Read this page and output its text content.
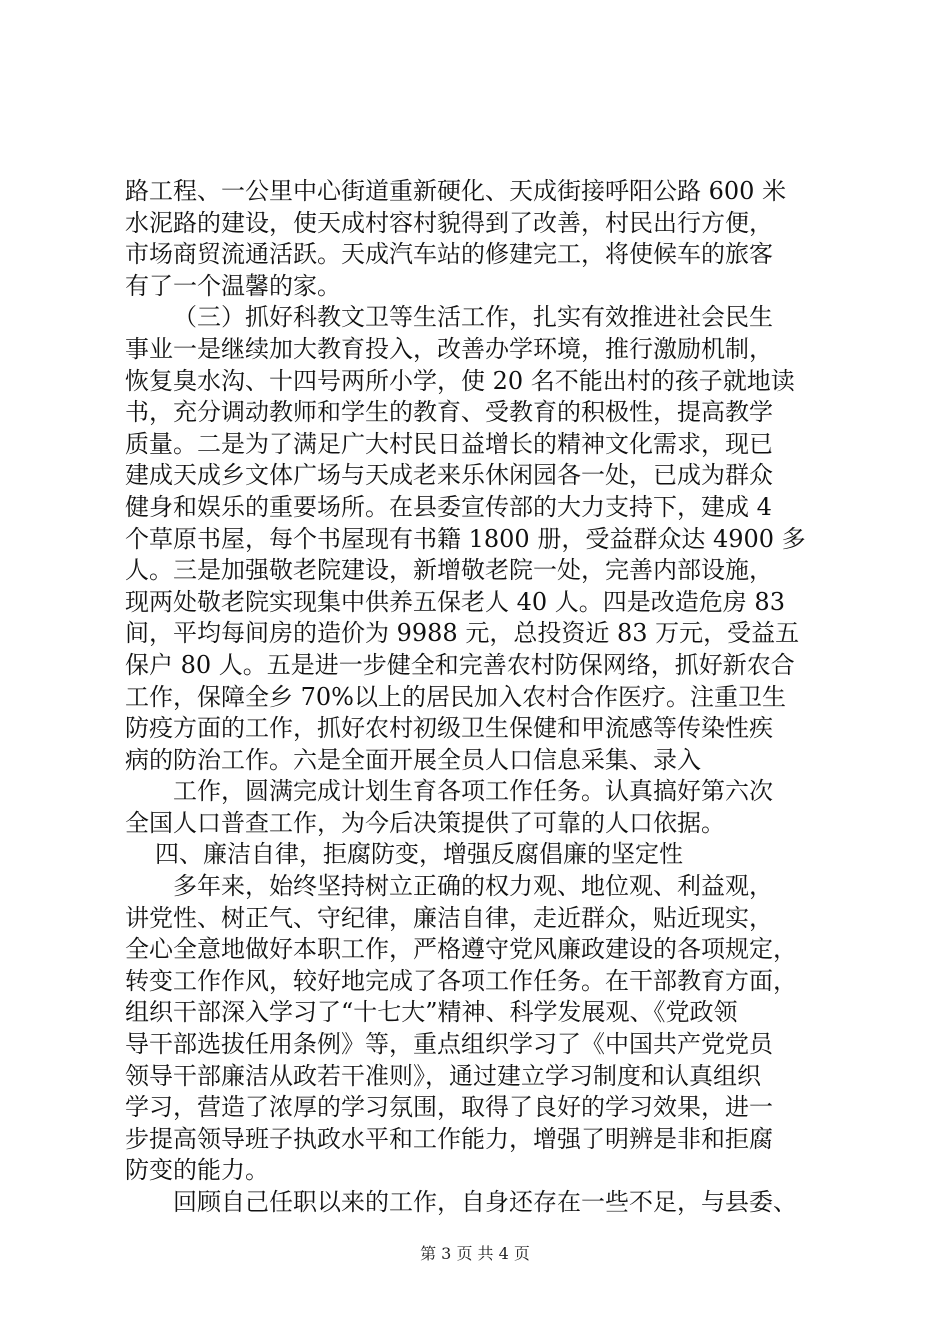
路工程、一公里中心街道重新硬化、天成街接呼阳公路 600 米
水泥路的建设，使天成村容村貌得到了改善，村民出行方便，
市场商贸流通活跃。天成汽车站的修建完工，将使候车的旅客
有了一个温馨的家。
（三）抓好科教文卫等生活工作，扎实有效推进社会民生
事业一是继续加大教育投入，改善办学环境，推行激励机制，
恢复臭水沟、十四号两所小学，使 20 名不能出村的孩子就地读
书，充分调动教师和学生的教育、受教育的积极性，提高教学
质量。二是为了满足广大村民日益增长的精神文化需求，现已
建成天成乡文体广场与天成老来乐休闲园各一处，已成为群众
健身和娱乐的重要场所。在县委宣传部的大力支持下，建成 4
个草原书屋，每个书屋现有书籍 1800 册，受益群众达 4900 多
人。三是加强敬老院建设，新增敬老院一处，完善内部设施，
现两处敬老院实现集中供养五保老人 40 人。四是改造危房 83
间，平均每间房的造价为 9988 元，总投资近 83 万元，受益五
保户 80 人。五是进一步健全和完善农村防保网络，抓好新农合
工作，保障全乡 70%以上的居民加入农村合作医疗。注重卫生
防疫方面的工作，抓好农村初级卫生保健和甲流感等传染性疾
病的防治工作。六是全面开展全员人口信息采集、录入
工作，圆满完成计划生育各项工作任务。认真搞好第六次
全国人口普查工作，为今后决策提供了可靠的人口依据。
四、廉洁自律，拒腐防变，增强反腐倡廉的坚定性
多年来，始终坚持树立正确的权力观、地位观、利益观，
讲党性、树正气、守纪律，廉洁自律，走近群众，贴近现实，
全心全意地做好本职工作，严格遵守党风廉政建设的各项规定，
转变工作作风，较好地完成了各项工作任务。在干部教育方面，
组织干部深入学习了“十七大”精神、科学发展观、《党政领
导干部选拔任用条例》等，重点组织学习了《中国共产党党员
领导干部廉洁从政若干准则》，通过建立学习制度和认真组织
学习，营造了浓厚的学习氛围，取得了良好的学习效果，进一
步提高领导班子执政水平和工作能力，增强了明辨是非和拒腐
防变的能力。
回顾自己任职以来的工作，自身还存在一些不足，与县委、
第 3 页 共 4 页
